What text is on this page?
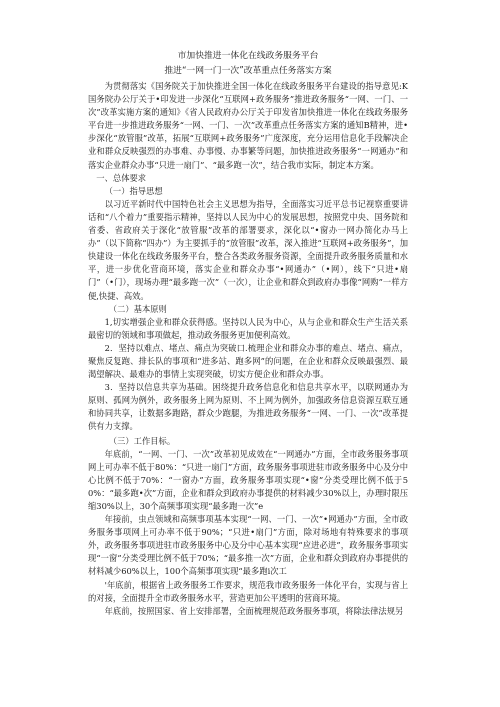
市加快推进一体化在线政务服务平台
推进“一网一门一次”改革重点任务落实方案

为贯彻落实《国务院关于加快推进全国一体化在线政务服务平台建设的指导意见:K国务院办公厅关于•印发进一步深化“互联网+政务服务”推进政务服务“一网、一门、一次”改革实施方案的通知》《省人民政府办公厅关于印发省加快推进一体化在线政务服务平台进一步推进政务服务“一网、一门、一次”改革重点任务落实方案的通知B精神，进•步深化“放管服”改革，拓展“互联网+政务服务”广度深度，充分运用信息化手段解决企业和群众反映强烈的办事难、办事慢、办事繁等问题，加快推进政务服务“一网通办”和落实企业群众办事“只进一扇门”、“最多跑一次”，结合我市实际，制定本方案。

一、总体要求

（一）指导思想

以习近平新时代中国特色社会主义思想为指导，全面落实习近平总书记视察重要讲话和“八个着力”重要指示精神，坚持以人民为中心的发展思想，按照党中央、国务院和省委、省政府关于深化“放管服”改革的部署要求，深化以“•窗办一网办简化办马上办”（以下简称“四办”）为主要抓手的“放管服”改革，深入推进“互联网+政务服务”，加快建设一体化在线政务服务平台，整合各类政务服务资源，全面提升政务服务质量和水平，进一步优化营商环境，落实企业和群众办事“•网通办”（•网），线下“只进•扇门”（•门），现场办理“最多跑一次”（一次），让企业和群众到政府办事像“网购”一样方便,快捷、高效。

（二）基本原则

1,切实增强企业和群众获得感。坚持以人民为中心，从与企业和群众生产生活关系最密切的领域和事项做起，推动政务服务更加便利高效。

2．坚持以难点、堵点、痛点为突破口.梳理企业和群众办事的难点、堵点、痛点，聚焦反复跑、排长队的事项和“进多站、跑多网”的问题，在企业和群众反映最强烈、最渴望解决、最难办的事情上实现突破，切实方便企业和群众办事。

3．坚持以信息共享为基础。困绕提升政务信息化和信息共享水平，以联网通办为原则、孤网为例外，政务服务上网为原则、不上网为例外，加强政务信息资源互联互通和协同共享，让数据多跑路，群众少跑腿，为推进政务服务“一网、一门、一次”改革提供有力支撑。

（三）工作目标。

年底前，“一网、一门、一次”改革初见成效在“一网通办”方面，全市政务服务事项网上可办率不低于80%：“只进一扇门”方面，政务服务事项进驻市政务服务中心及分中心比例不低于70%：“一窗办”方面，政务服务事项实现“•窗”分类受理比例不低于50%：“最多跑•次”方面，企业和群众到政府办事提供的材料减少30%以上，办理时限压缩30%以上，30个高频事项实现“最多跑一次”e

年接前，虫点领域和高频事项基本实现“一网、一门、一次”•网通办”方面，全市政务服务事项网上可办率不低于90%；“只进•扇门”方面，除对场地有特殊要求的事项外，政务服务事项进驻市政务服务中心及分中心基本实现“应进必进”，政务服务事项实现“一窗”分类受理比例不低于70%；“最多推一次”方面，企业和群众到政府办事提供的材料减少60%以上，100个高频事项实现“最多跑i次工

'年底前，根据省上政务服务工作要求，规范我市政务服务一体化平台，实现与省上的对接，全面提升全市政务服务水平，营造更加公平透明的营商环境。

年底前，按照国家、省上安排部署，全面梳理规范政务服务事项，将除法律法规另
